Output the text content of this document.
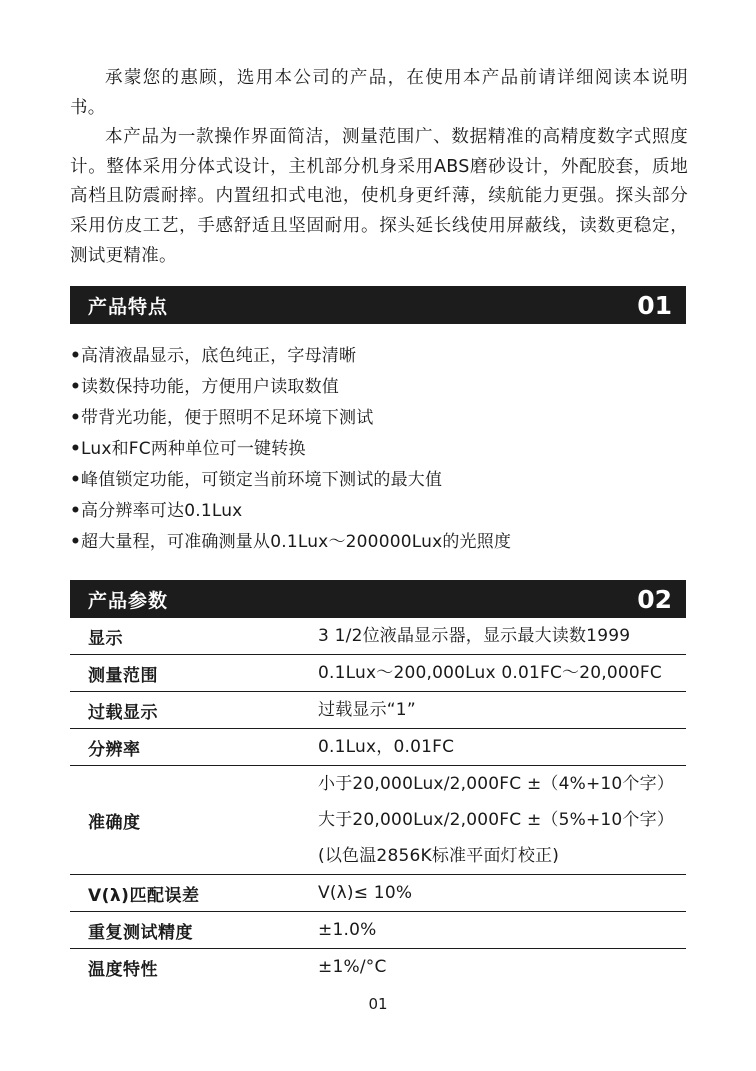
承蒙您的惠顾，选用本公司的产品，在使用本产品前请详细阅读本说明书。

本产品为一款操作界面简洁，测量范围广、数据精准的高精度数字式照度计。整体采用分体式设计，主机部分机身采用ABS磨砂设计，外配胶套，质地高档且防震耐摔。内置纽扣式电池，使机身更纤薄，续航能力更强。探头部分采用仿皮工艺，手感舒适且坚固耐用。探头延长线使用屏蔽线，读数更稳定，测试更精准。

产品特点	01
•高清液晶显示，底色纯正，字母清晰
•读数保持功能，方便用户读取数值
•带背光功能，便于照明不足环境下测试
•Lux和FC两种单位可一键转换
•峰值锁定功能，可锁定当前环境下测试的最大值
•高分辨率可达0.1Lux
•超大量程，可准确测量从0.1Lux～200000Lux的光照度
产品参数	02
显示	3 1/2位液晶显示器，显示最大读数1999

测量范围	0.1Lux～200,000Lux 0.01FC～20,000FC

过载显示	过载显示“1”

分辨率	0.1Lux，0.01FC

准确度	小于20,000Lux/2,000FC ±（4%+10个字）
大于20,000Lux/2,000FC ±（5%+10个字）
(以色温2856K标准平面灯校正)

V(λ)匹配误差	V(λ)≤ 10%

重复测试精度	±1.0%

温度特性	±1%/°C
01
